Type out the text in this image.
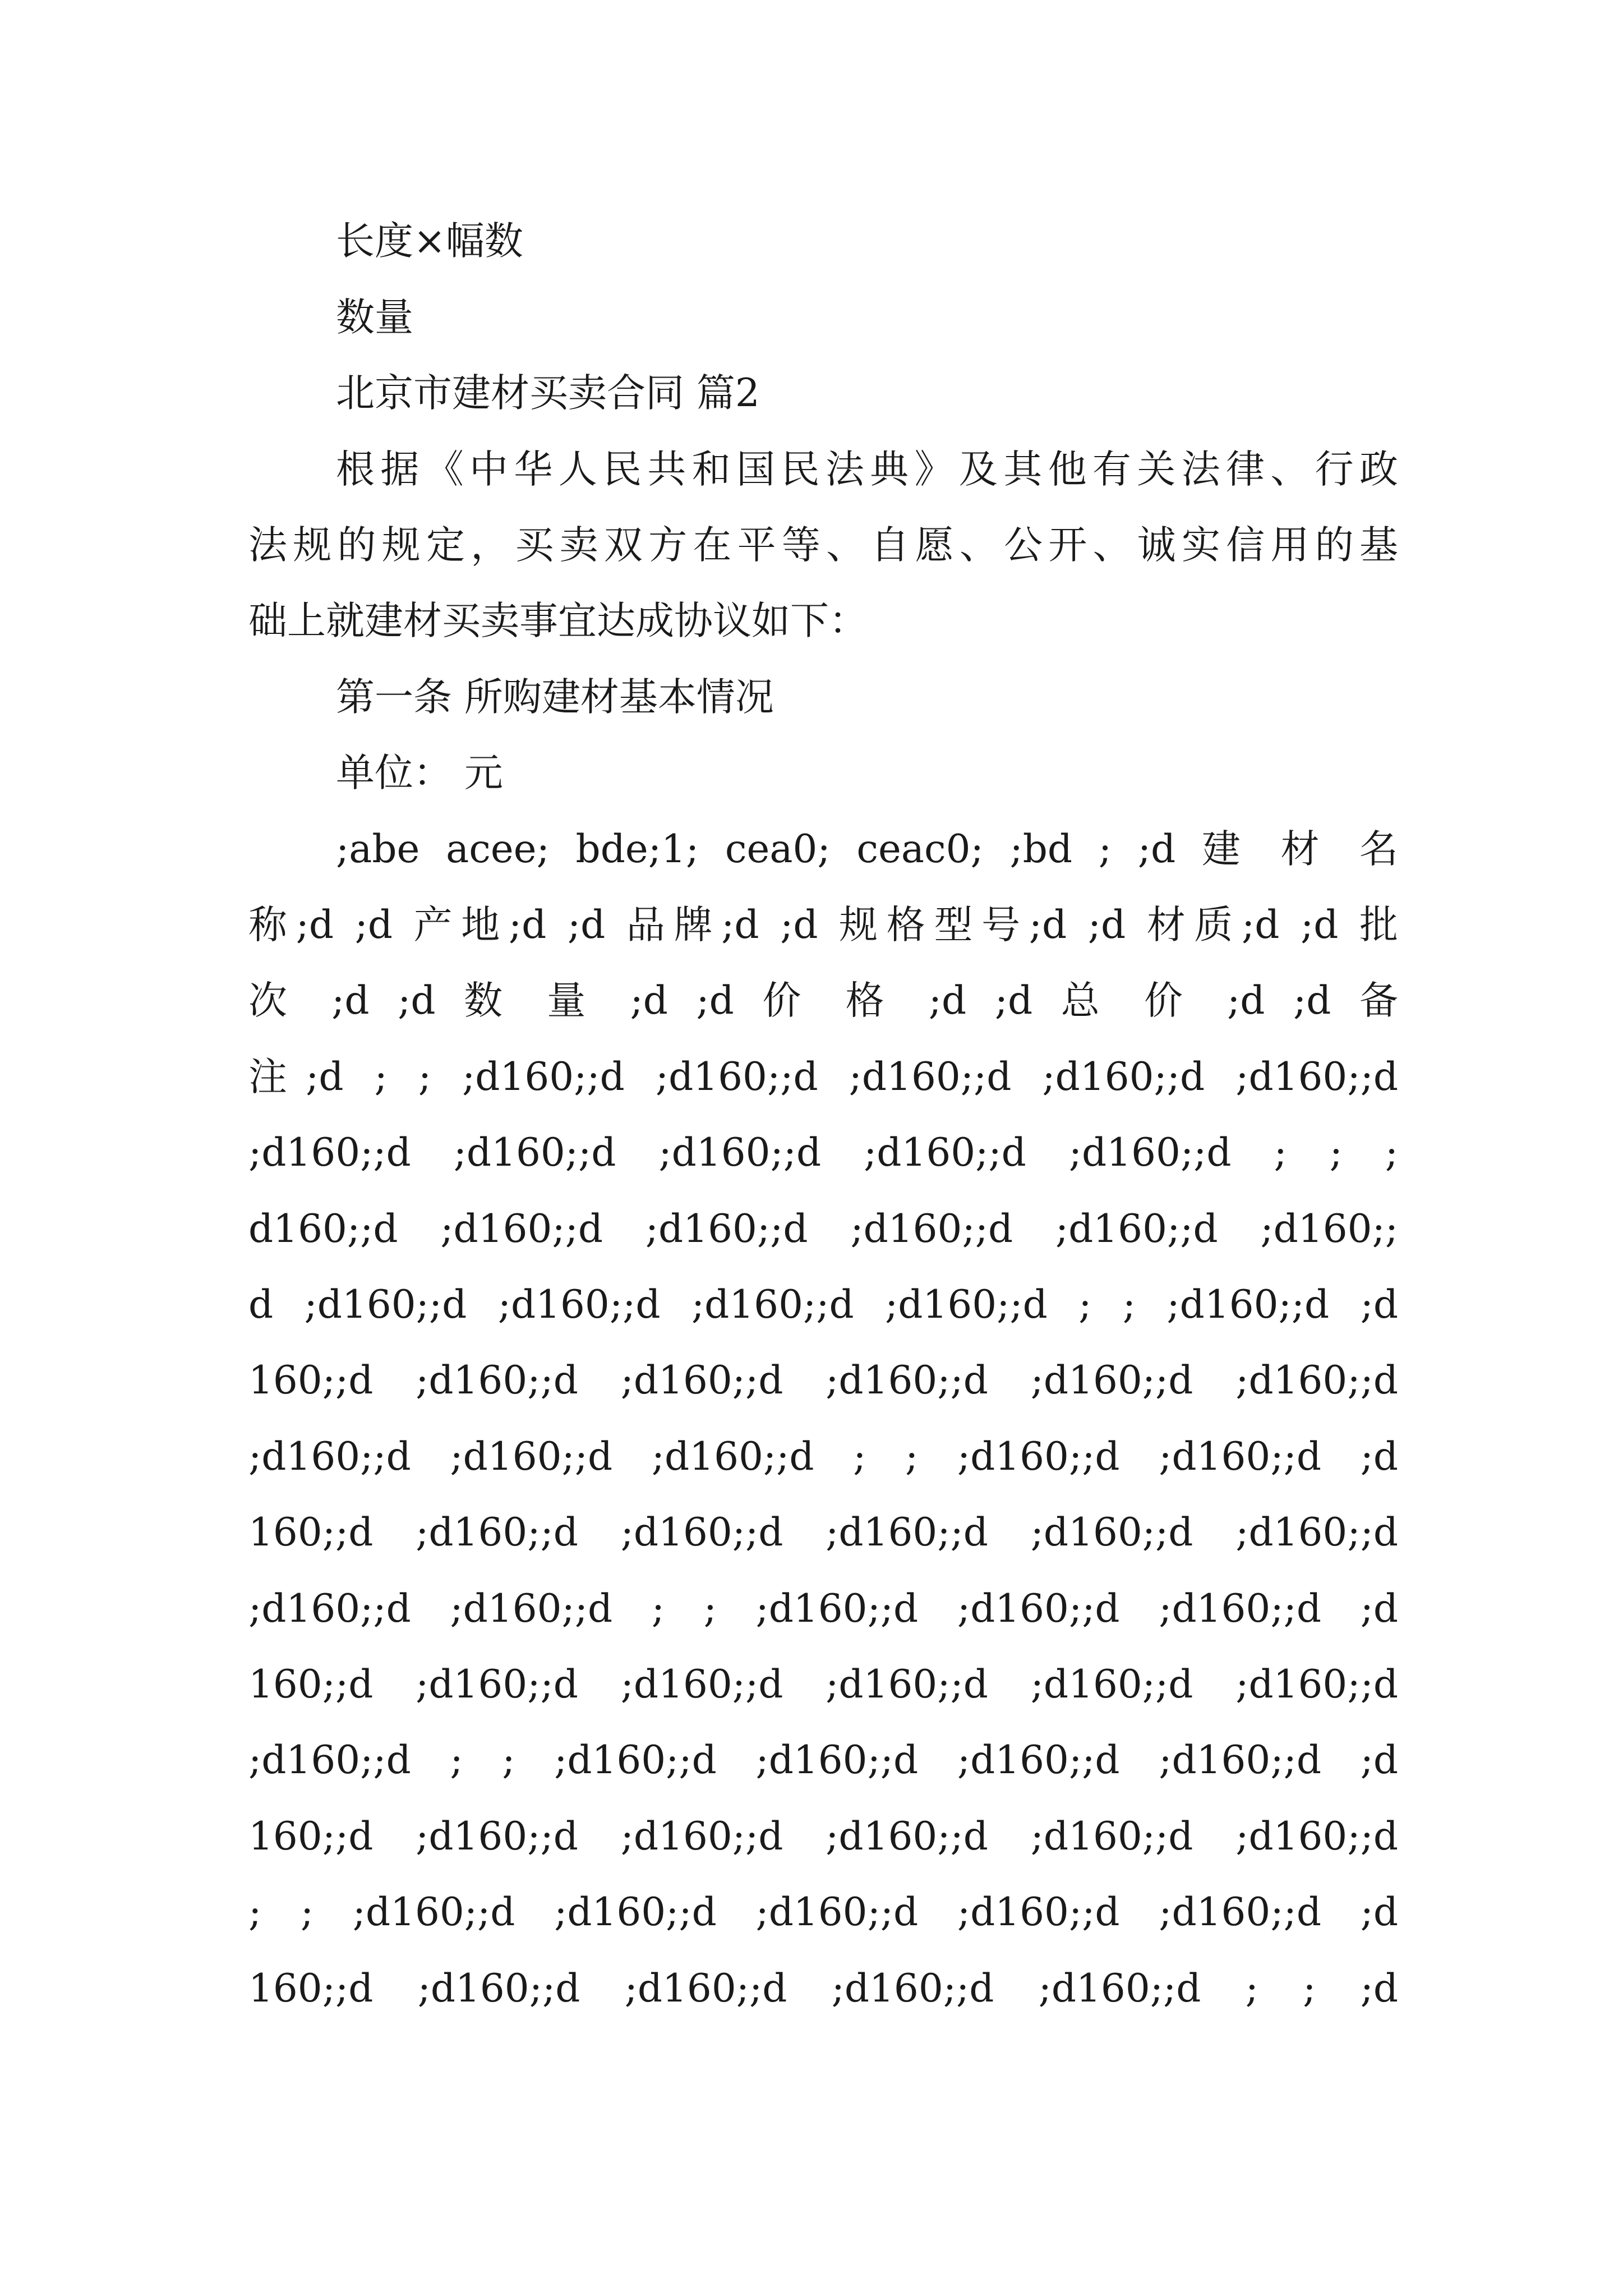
长度×幅数

数量

北京市建材买卖合同 篇2

根据《中华人民共和国民法典》及其他有关法律、行政

法规的规定，买卖双方在平等、自愿、公开、诚实信用的基

础上就建材买卖事宜达成协议如下：

第一条 所购建材基本情况

单位： 元

;abe acee; bde;1; cea0; ceac0; ;bd ; ;d 建 材 名

称;d ;d 产地;d ;d 品牌;d ;d 规格型号;d ;d 材质;d ;d 批

次 ;d ;d 数 量 ;d ;d 价 格 ;d ;d 总 价 ;d ;d 备

注;d ; ; ;d160;;d ;d160;;d ;d160;;d ;d160;;d ;d160;;d

;d160;;d ;d160;;d ;d160;;d ;d160;;d ;d160;;d ; ; ;

d160;;d ;d160;;d ;d160;;d ;d160;;d ;d160;;d ;d160;;

d ;d160;;d ;d160;;d ;d160;;d ;d160;;d ; ; ;d160;;d ;d

160;;d ;d160;;d ;d160;;d ;d160;;d ;d160;;d ;d160;;d

;d160;;d ;d160;;d ;d160;;d ; ; ;d160;;d ;d160;;d ;d

160;;d ;d160;;d ;d160;;d ;d160;;d ;d160;;d ;d160;;d

;d160;;d ;d160;;d ; ; ;d160;;d ;d160;;d ;d160;;d ;d

160;;d ;d160;;d ;d160;;d ;d160;;d ;d160;;d ;d160;;d

;d160;;d ; ; ;d160;;d ;d160;;d ;d160;;d ;d160;;d ;d

160;;d ;d160;;d ;d160;;d ;d160;;d ;d160;;d ;d160;;d

; ; ;d160;;d ;d160;;d ;d160;;d ;d160;;d ;d160;;d ;d

160;;d ;d160;;d ;d160;;d ;d160;;d ;d160;;d ; ; ;d
